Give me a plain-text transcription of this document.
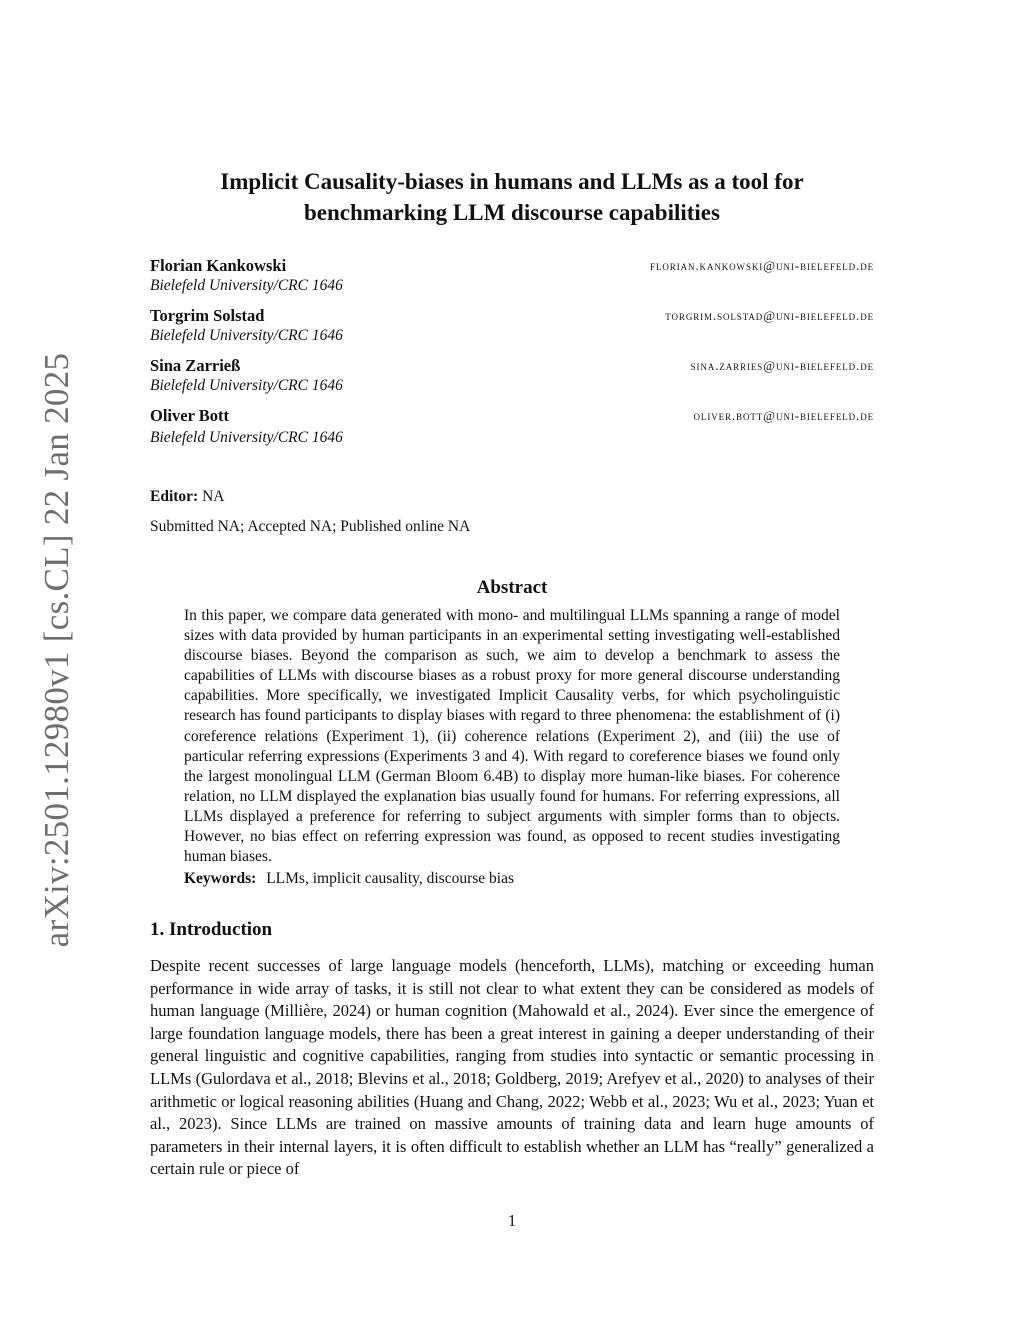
arXiv:2501.12980v1 [cs.CL] 22 Jan 2025
Implicit Causality-biases in humans and LLMs as a tool for benchmarking LLM discourse capabilities
Florian Kankowski
Bielefeld University/CRC 1646
florian.kankowski@uni-bielefeld.de
Torgrim Solstad
Bielefeld University/CRC 1646
torgrim.solstad@uni-bielefeld.de
Sina Zarrieß
Bielefeld University/CRC 1646
sina.zarries@uni-bielefeld.de
Oliver Bott
Bielefeld University/CRC 1646
oliver.bott@uni-bielefeld.de
Editor: NA
Submitted NA; Accepted NA; Published online NA
Abstract

In this paper, we compare data generated with mono- and multilingual LLMs spanning a range of model sizes with data provided by human participants in an experimental setting investigating well-established discourse biases. Beyond the comparison as such, we aim to develop a benchmark to assess the capabilities of LLMs with discourse biases as a robust proxy for more general discourse understanding capabilities. More specifically, we investigated Implicit Causality verbs, for which psycholinguistic research has found participants to display biases with regard to three phenomena: the establishment of (i) coreference relations (Experiment 1), (ii) coherence relations (Experiment 2), and (iii) the use of particular referring expressions (Experiments 3 and 4). With regard to coreference biases we found only the largest monolingual LLM (German Bloom 6.4B) to display more human-like biases. For coherence relation, no LLM displayed the explanation bias usually found for humans. For referring expressions, all LLMs displayed a preference for referring to subject arguments with simpler forms than to objects. However, no bias effect on referring expression was found, as opposed to recent studies investigating human biases.

Keywords: LLMs, implicit causality, discourse bias
1. Introduction

Despite recent successes of large language models (henceforth, LLMs), matching or exceeding human performance in wide array of tasks, it is still not clear to what extent they can be considered as models of human language (Millière, 2024) or human cognition (Mahowald et al., 2024). Ever since the emergence of large foundation language models, there has been a great interest in gaining a deeper understanding of their general linguistic and cognitive capabilities, ranging from studies into syntactic or semantic processing in LLMs (Gulordava et al., 2018; Blevins et al., 2018; Goldberg, 2019; Arefyev et al., 2020) to analyses of their arithmetic or logical reasoning abilities (Huang and Chang, 2022; Webb et al., 2023; Wu et al., 2023; Yuan et al., 2023). Since LLMs are trained on massive amounts of training data and learn huge amounts of parameters in their internal layers, it is often difficult to establish whether an LLM has “really” generalized a certain rule or piece of

1
